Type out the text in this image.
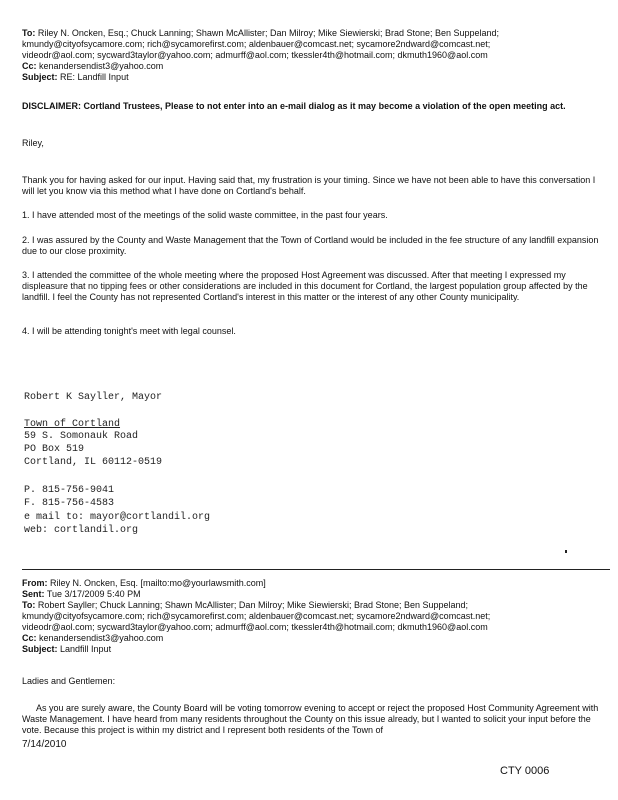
To: Riley N. Oncken, Esq.; Chuck Lanning; Shawn McAllister; Dan Milroy; Mike Siewierski; Brad Stone; Ben Suppeland;
kmundy@cityofsycamore.com; rich@sycamorefirst.com; aldenbauer@comcast.net; sycamore2ndward@comcast.net;
videodr@aol.com; sycward3taylor@yahoo.com; admurff@aol.com; tkessler4th@hotmail.com; dkmuth1960@aol.com
Cc: kenandersendist3@yahoo.com
Subject: RE: Landfill Input
DISCLAIMER: Cortland Trustees, Please to not enter into an e-mail dialog as it may become a violation of the open meeting act.
Riley,
Thank you for having asked for our input. Having said that, my frustration is your timing. Since we have not been able to have this conversation I will let you know via this method what I have done on Cortland's behalf.
1. I have attended most of the meetings of the solid waste committee, in the past four years.
2. I was assured by the County and Waste Management that the Town of Cortland would be included in the fee structure of any landfill expansion due to our close proximity.
3. I attended the committee of the whole meeting where the proposed Host Agreement was discussed. After that meeting I expressed my displeasure that no tipping fees or other considerations are included in this document for Cortland, the largest population group affected by the landfill. I feel the County has not represented Cortland's interest in this matter or the interest of any other County municipality.
4. I will be attending tonight's meet with legal counsel.
Robert K Sayller, Mayor
Town of Cortland
59 S. Somonauk Road
PO Box 519
Cortland, IL 60112-0519
P. 815-756-9041
F. 815-756-4583
e mail to: mayor@cortlandil.org
web: cortlandil.org
From: Riley N. Oncken, Esq. [mailto:mo@yourlawsmith.com]
Sent: Tue 3/17/2009 5:40 PM
To: Robert Sayller; Chuck Lanning; Shawn McAllister; Dan Milroy; Mike Siewierski; Brad Stone; Ben Suppeland;
kmundy@cityofsycamore.com; rich@sycamorefirst.com; aldenbauer@comcast.net; sycamore2ndward@comcast.net;
videodr@aol.com; sycward3taylor@yahoo.com; admurff@aol.com; tkessler4th@hotmail.com; dkmuth1960@aol.com
Cc: kenandersendist3@yahoo.com
Subject: Landfill Input
Ladies and Gentlemen:
As you are surely aware, the County Board will be voting tomorrow evening to accept or reject the proposed Host Community Agreement with Waste Management. I have heard from many residents throughout the County on this issue already, but I wanted to solicit your input before the vote. Because this project is within my district and I represent both residents of the Town of
7/14/2010
CTY 0006
